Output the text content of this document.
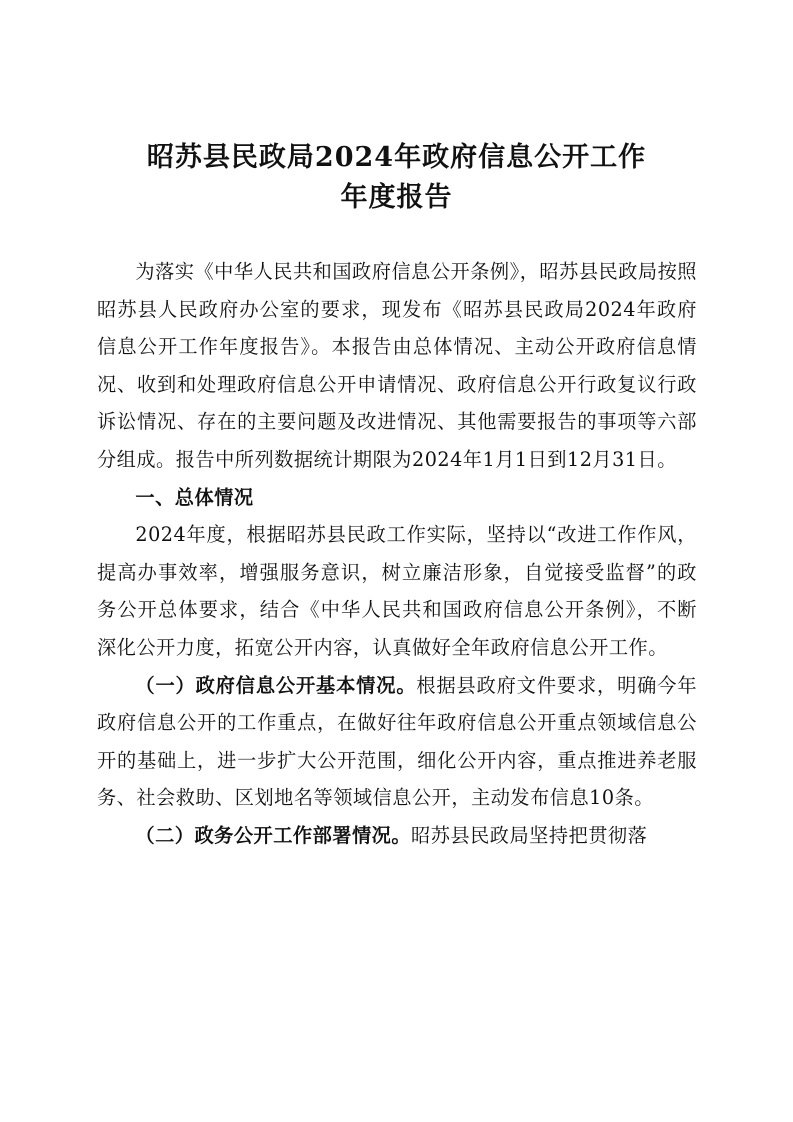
昭苏县民政局2024年政府信息公开工作
年度报告

为落实《中华人民共和国政府信息公开条例》，昭苏县民政局按照昭苏县人民政府办公室的要求，现发布《昭苏县民政局2024年政府信息公开工作年度报告》。本报告由总体情况、主动公开政府信息情况、收到和处理政府信息公开申请情况、政府信息公开行政复议行政诉讼情况、存在的主要问题及改进情况、其他需要报告的事项等六部分组成。报告中所列数据统计期限为2024年1月1日到12月31日。

一、总体情况

2024年度，根据昭苏县民政工作实际，坚持以“改进工作作风，提高办事效率，增强服务意识，树立廉洁形象，自觉接受监督”的政务公开总体要求，结合《中华人民共和国政府信息公开条例》，不断深化公开力度，拓宽公开内容，认真做好全年政府信息公开工作。

（一）政府信息公开基本情况。根据县政府文件要求，明确今年政府信息公开的工作重点，在做好往年政府信息公开重点领域信息公开的基础上，进一步扩大公开范围，细化公开内容，重点推进养老服务、社会救助、区划地名等领域信息公开，主动发布信息10条。

（二）政务公开工作部署情况。昭苏县民政局坚持把贯彻落
